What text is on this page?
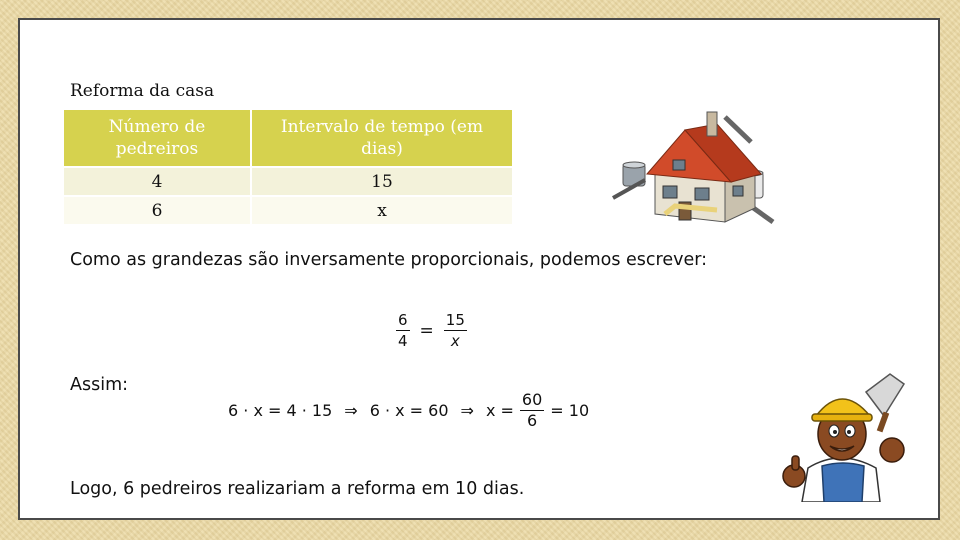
Reforma da casa
Número de pedreiros	Intervalo de tempo (em dias)
4	15
6	x
Como as grandezas são inversamente proporcionais, podemos escrever:
$\frac{6}{4} = \frac{15}{x}$
Assim:
6 · x = 4 · 15 ⇒ 6 · x = 60 ⇒ $x = \frac{60}{6} = 10$
Logo, 6 pedreiros realizariam a reforma em 10 dias.
